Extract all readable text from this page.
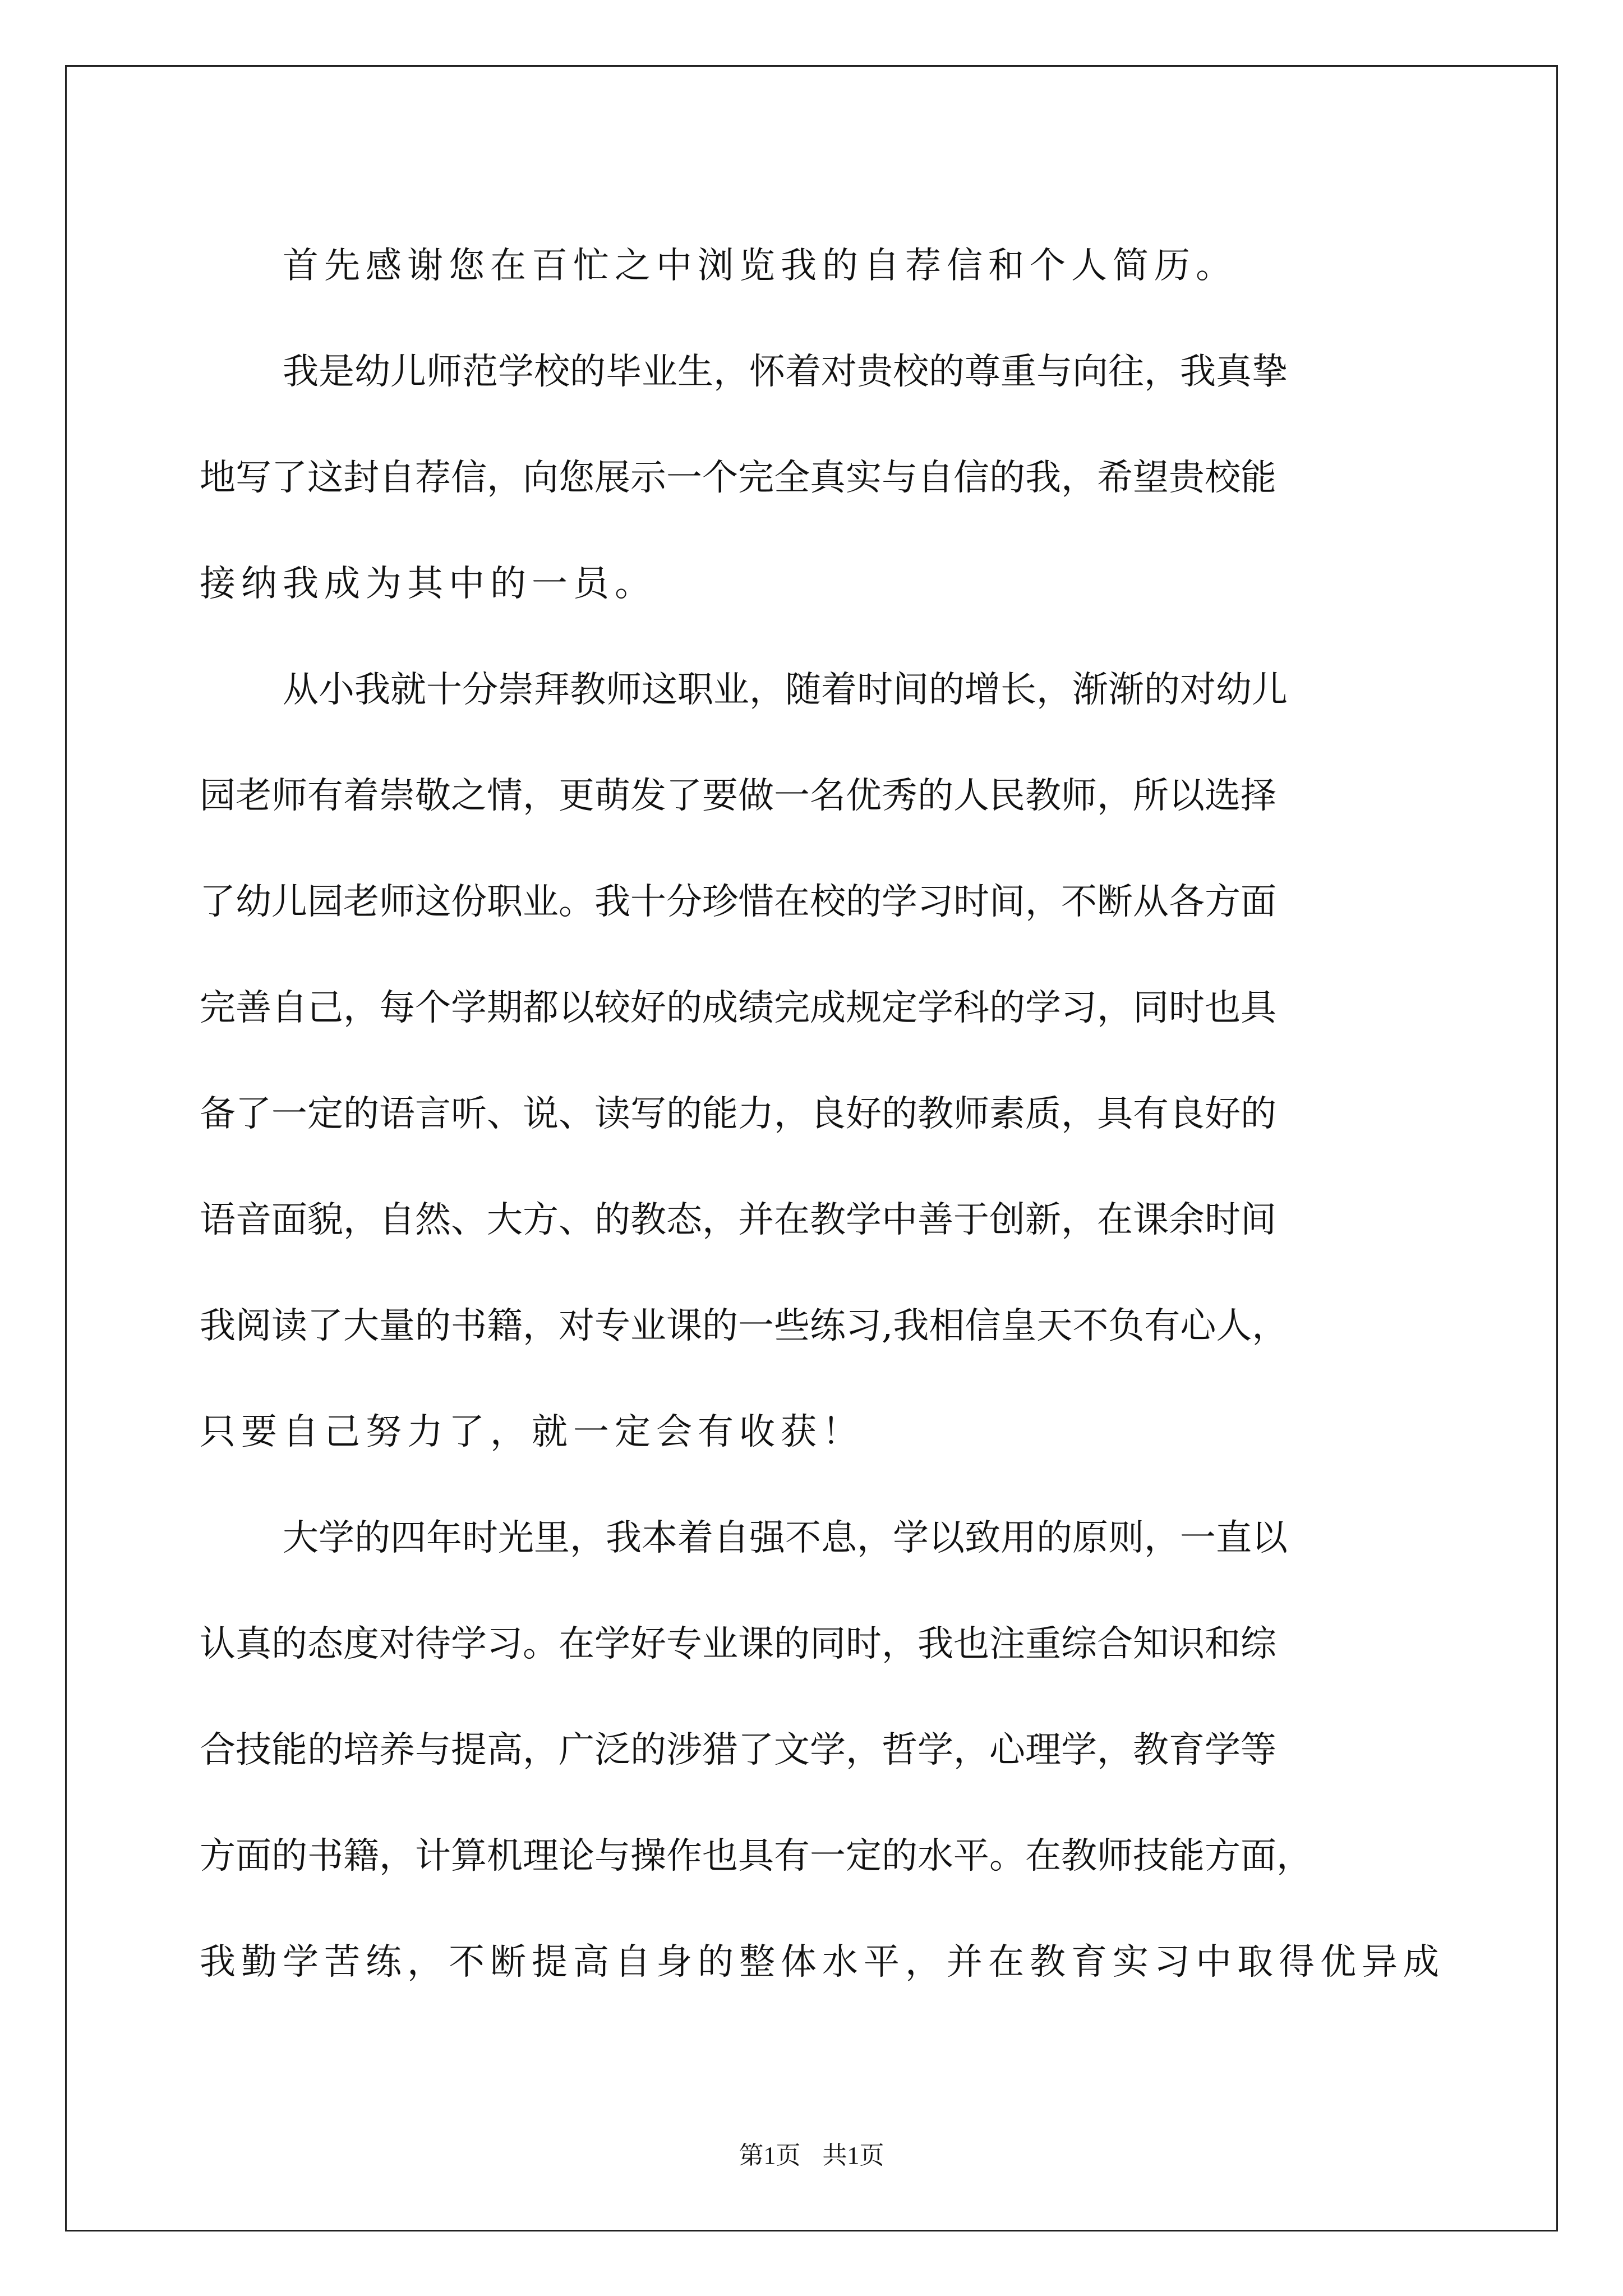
首先感谢您在百忙之中浏览我的自荐信和个人简历。
我是幼儿师范学校的毕业生，怀着对贵校的尊重与向往，我真挚
地写了这封自荐信，向您展示一个完全真实与自信的我，希望贵校能
接纳我成为其中的一员。
从小我就十分崇拜教师这职业，随着时间的增长，渐渐的对幼儿
园老师有着崇敬之情，更萌发了要做一名优秀的人民教师，所以选择
了幼儿园老师这份职业。我十分珍惜在校的学习时间，不断从各方面
完善自己，每个学期都以较好的成绩完成规定学科的学习，同时也具
备了一定的语言听、说、读写的能力，良好的教师素质，具有良好的
语音面貌，自然、大方、的教态，并在教学中善于创新，在课余时间
我阅读了大量的书籍，对专业课的一些练习,我相信皇天不负有心人，
只要自己努力了，就一定会有收获！
大学的四年时光里，我本着自强不息，学以致用的原则，一直以
认真的态度对待学习。在学好专业课的同时，我也注重综合知识和综
合技能的培养与提高，广泛的涉猎了文学，哲学，心理学，教育学等
方面的书籍，计算机理论与操作也具有一定的水平。在教师技能方面，
我勤学苦练，不断提高自身的整体水平，并在教育实习中取得优异成
第1页 共1页
